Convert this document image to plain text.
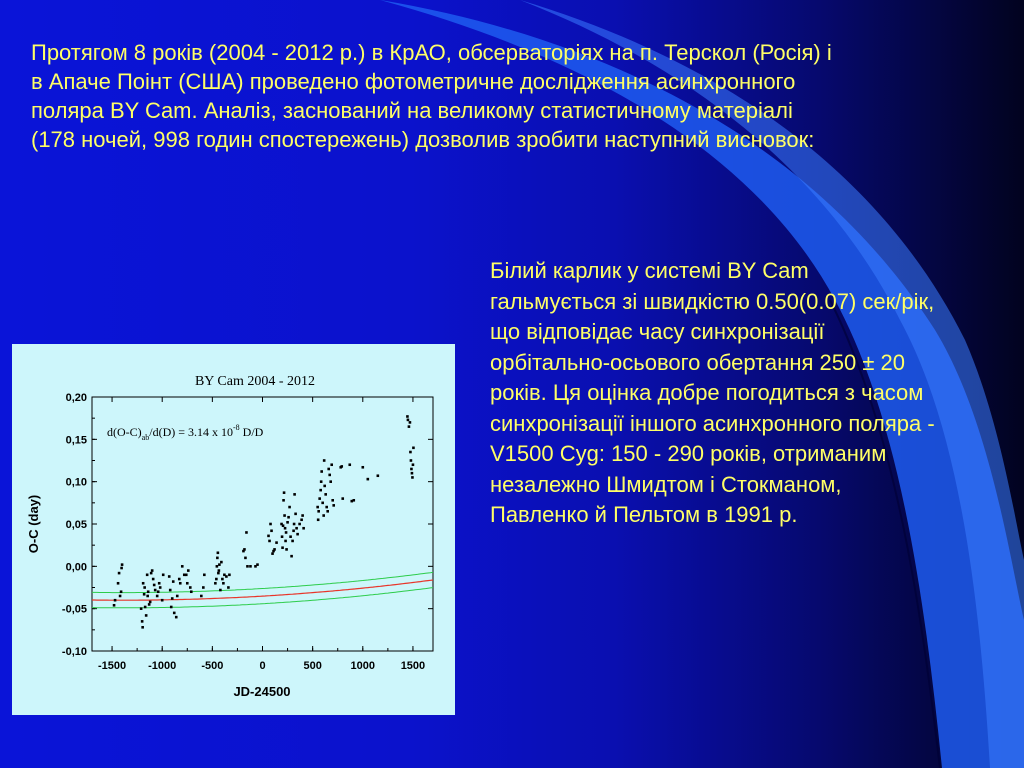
Протягом 8 років (2004 - 2012 р.) в КрАО, обсерваторіях на п. Терскол (Росія) і

в Апаче Поінт (США) проведено фотометричне дослідження асинхронного

поляра BY Cam. Аналіз, заснований на великому статистичному матеріалі

(178 ночей, 998 годин спостережень) дозволив зробити наступний висновок:

Білий карлик у системі BY Cam

гальмується зі швидкістю 0.50(0.07) сек/рік,

що відповідає часу синхронізації

орбітально-осьового обертання 250 ± 20

років. Ця оцінка добре погодиться з часом

синхронізації іншого асинхронного поляра -

V1500 Cyg: 150 - 290 років, отриманим

незалежно Шмидтом і Стокманом,

Павленко й Пельтом в 1991 р.

BY Cam 2004 - 2012
$d(O-C)_{ab}/d(D) = 3.14$ x $10^{-8}$ D/D
JD-24500
O-C (day)
-0,10
-0,05
0,00
0,05
0,10
0,15
0,20
-1500 -1000 -500	0	500	1000 1500
